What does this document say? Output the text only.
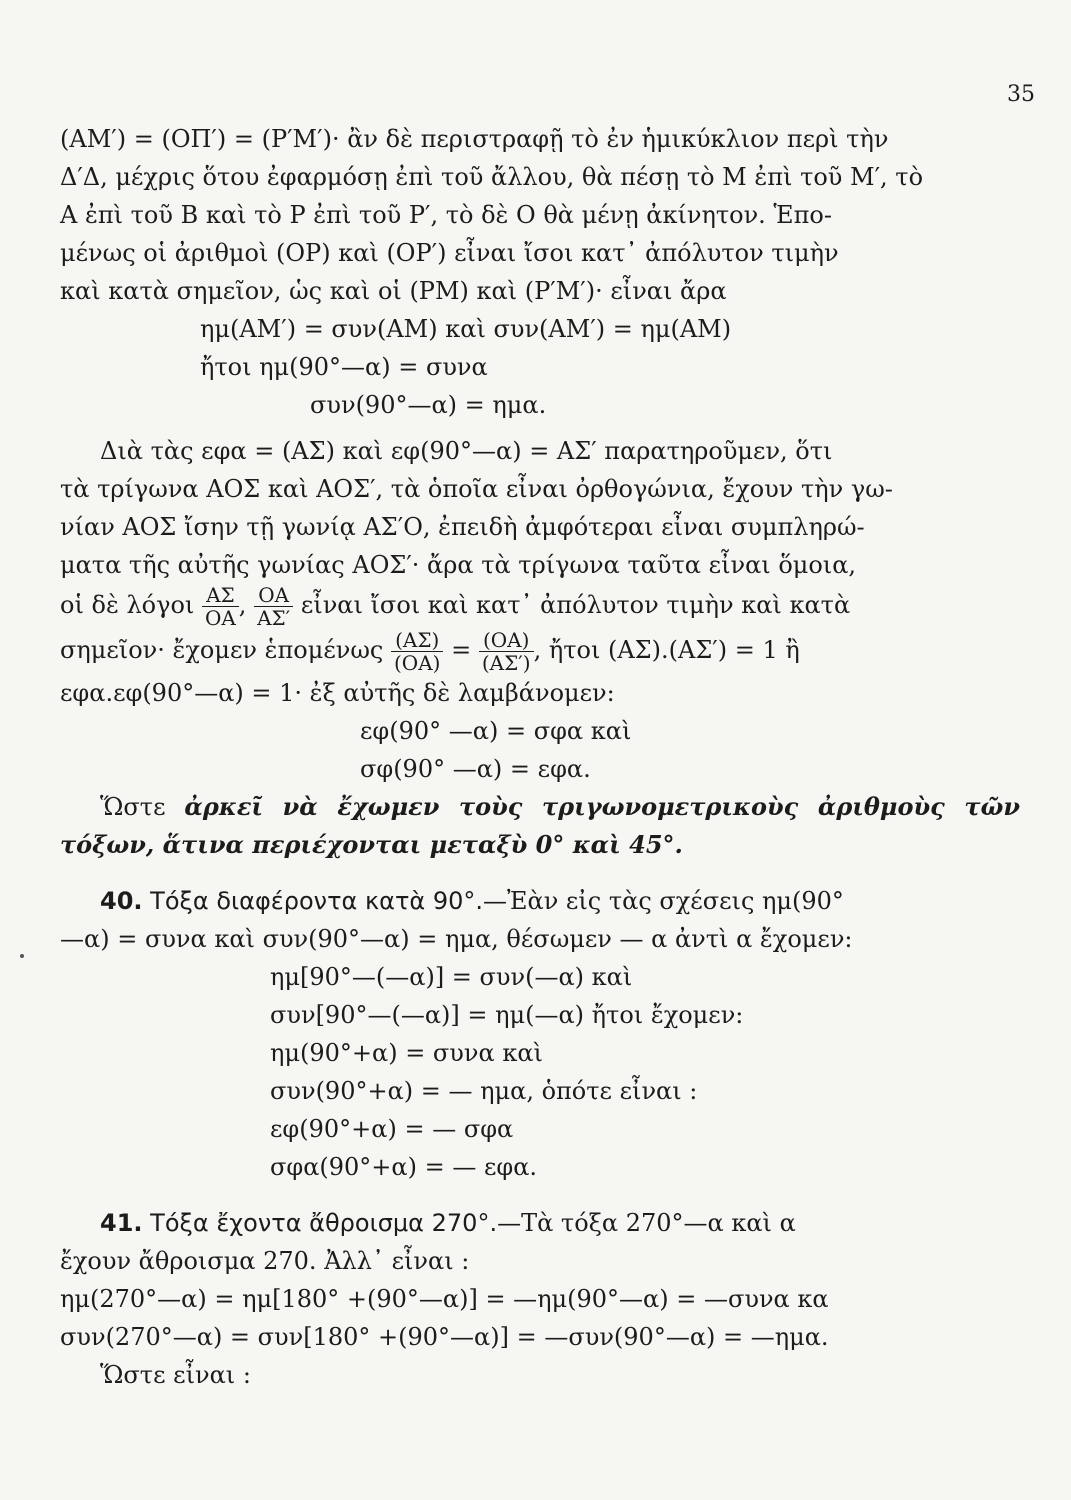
35

(ΑΜ′) = (ΟΠ′) = (Ρ′Μ′)· ἂν δὲ περιστραφῇ τὸ ἐν ἡμικύκλιον περὶ τὴν

Δ′Δ, μέχρις ὅτου ἐφαρμόσῃ ἐπὶ τοῦ ἄλλου, θὰ πέσῃ τὸ Μ ἐπὶ τοῦ Μ′, τὸ

Α ἐπὶ τοῦ Β καὶ τὸ Ρ ἐπὶ τοῦ Ρ′, τὸ δὲ Ο θὰ μένῃ ἀκίνητον. Ἑπο-

μένως οἱ ἀριθμοὶ (ΟΡ) καὶ (ΟΡ′) εἶναι ἴσοι κατ᾽ ἀπόλυτον τιμὴν

καὶ κατὰ σημεῖον, ὡς καὶ οἱ (ΡΜ) καὶ (Ρ′Μ′)· εἶναι ἄρα

ημ(ΑΜ′) = συν(ΑΜ) καὶ συν(ΑΜ′) = ημ(ΑΜ)

ἤτοι ημ(90°—α) = συνα

συν(90°—α) = ημα.

Διὰ τὰς εφα = (ΑΣ) καὶ εφ(90°—α) = ΑΣ′ παρατηροῦμεν, ὅτι

τὰ τρίγωνα ΑΟΣ καὶ ΑΟΣ′, τὰ ὁποῖα εἶναι ὀρθογώνια, ἔχουν τὴν γω-

νίαν ΑΟΣ ἴσην τῇ γωνίᾳ ΑΣ′Ο, ἐπειδὴ ἀμφότεραι εἶναι συμπληρώ-

ματα τῆς αὐτῆς γωνίας ΑΟΣ′· ἄρα τὰ τρίγωνα ταῦτα εἶναι ὅμοια,

οἱ δὲ λόγοι $\frac{A\Sigma}{OA}$ , $\frac{OA}{A\Sigma'}$ εἶναι ἴσοι καὶ κατ᾽ ἀπόλυτον τιμὴν καὶ κατὰ

σημεῖον· ἔχομεν ἑπομένως $\frac{(A\Sigma)}{(OA)} = \frac{(OA)}{(A\Sigma')}$ , ἤτοι (ΑΣ).(ΑΣ′) = 1 ἢ

εφα.εφ(90°—α) = 1· ἐξ αὐτῆς δὲ λαμβάνομεν:

εφ(90° —α) = σφα καὶ

σφ(90° —α) = εφα.

Ὥστε ἀρκεῖ νὰ ἔχωμεν τοὺς τριγωνομετρικοὺς ἀριθμοὺς τῶν τόξων, ἅτινα περιέχονται μεταξὺ 0° καὶ 45°.

40. Τόξα διαφέροντα κατὰ 90°.—Ἐὰν εἰς τὰς σχέσεις ημ(90°

—α) = συνα καὶ συν(90°—α) = ημα, θέσωμεν — α ἀντὶ α ἔχομεν:

ημ[90°—(—α)] = συν(—α) καὶ

συν[90°—(—α)] = ημ(—α) ἤτοι ἔχομεν:

ημ(90°+α) = συνα καὶ

συν(90°+α) = — ημα, ὁπότε εἶναι :

εφ(90°+α) = — σφα

σφα(90°+α) = — εφα.

41. Τόξα ἔχοντα ἄθροισμα 270°.—Τὰ τόξα 270°—α καὶ α

ἔχουν ἄθροισμα 270. Ἀλλ᾽ εἶναι :

ημ(270°—α) = ημ[180° +(90°—α)] = —ημ(90°—α) = —συνα κα

συν(270°—α) = συν[180° +(90°—α)] = —συν(90°—α) = —ημα.

Ὥστε εἶναι :
